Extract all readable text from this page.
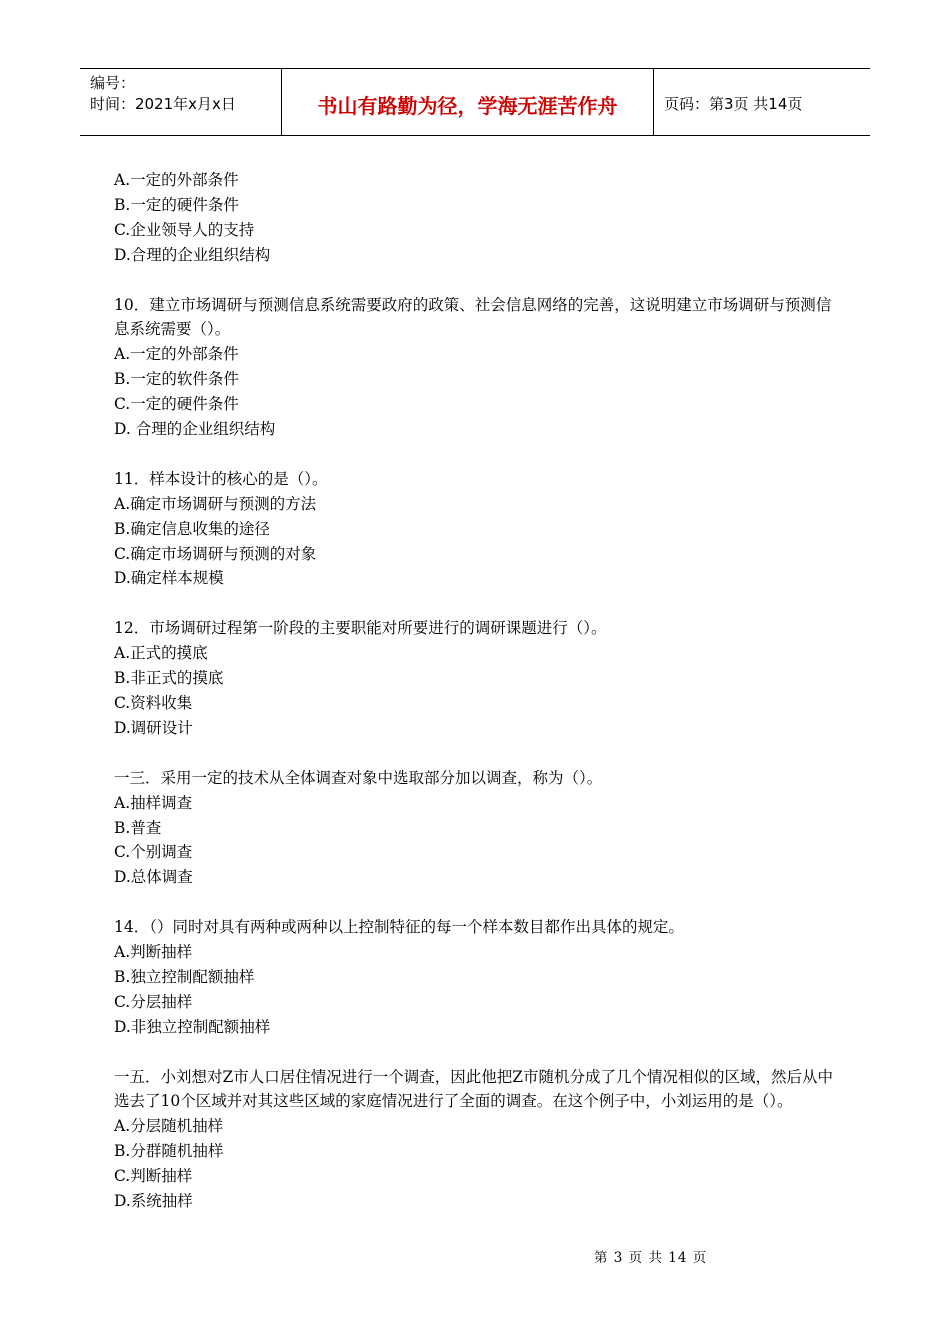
编号：
时间：2021年x月x日	书山有路勤为径，学海无涯苦作舟	页码：第3页 共14页
A.一定的外部条件
B.一定的硬件条件
C.企业领导人的支持
D.合理的企业组织结构
10．建立市场调研与预测信息系统需要政府的政策、社会信息网络的完善，这说明建立市场调研与预测信息系统需要（）。
A.一定的外部条件
B.一定的软件条件
C.一定的硬件条件
D. 合理的企业组织结构
11．样本设计的核心的是（）。
A.确定市场调研与预测的方法
B.确定信息收集的途径
C.确定市场调研与预测的对象
D.确定样本规模
12．市场调研过程第一阶段的主要职能对所要进行的调研课题进行（）。
A.正式的摸底
B.非正式的摸底
C.资料收集
D.调研设计
一三．采用一定的技术从全体调查对象中选取部分加以调查，称为（）。
A.抽样调查
B.普查
C.个别调查
D.总体调查
14．（）同时对具有两种或两种以上控制特征的每一个样本数目都作出具体的规定。
A.判断抽样
B.独立控制配额抽样
C.分层抽样
D.非独立控制配额抽样
一五．小刘想对Z市人口居住情况进行一个调查，因此他把Z市随机分成了几个情况相似的区域，然后从中选去了10个区域并对其这些区域的家庭情况进行了全面的调查。在这个例子中，小刘运用的是（）。
A.分层随机抽样
B.分群随机抽样
C.判断抽样
D.系统抽样
第 3 页 共 14 页
